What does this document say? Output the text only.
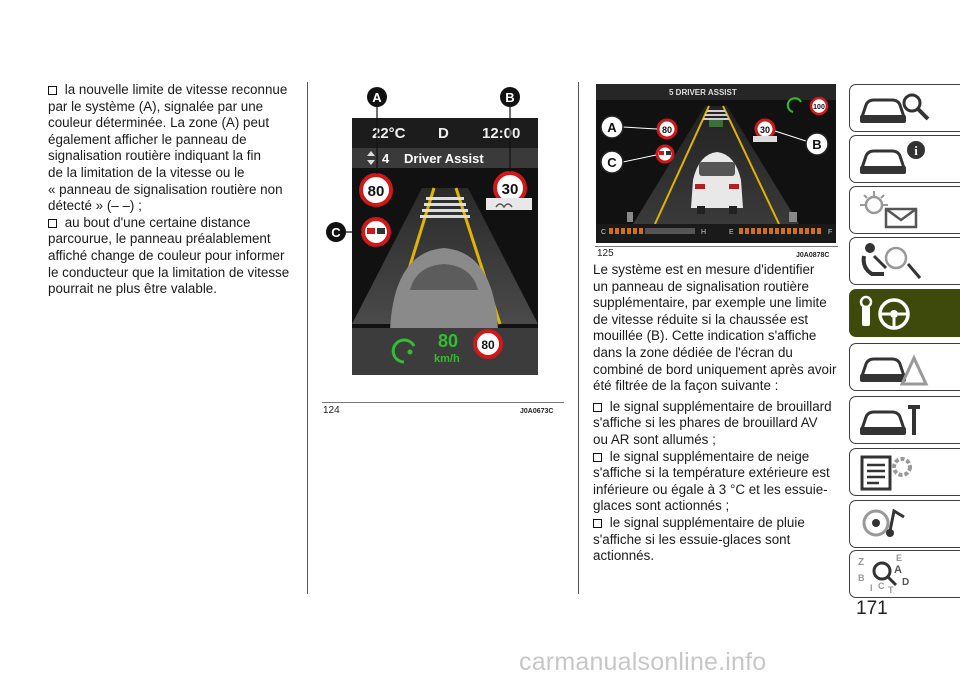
la nouvelle limite de vitesse reconnue
par le système (A), signalée par une
couleur déterminée. La zone (A) peut
également afficher le panneau de
signalisation routière indiquant la fin
de la limitation de la vitesse ou le
« panneau de signalisation routière non
détecté » (– –) ;

au bout d'une certaine distance
parcourue, le panneau préalablement
affiché change de couleur pour informer
le conducteur que la limitation de vitesse
pourrait ne plus être valable.

22°C D 12:00
4 Driver Assist
80	30
80
km/h
80
A	B
C
124	J0A0673C
5 DRIVER ASSIST
80	30
100
C	H	E	F
A
B
C
125	J0A0878C

Le système est en mesure d'identifier
un panneau de signalisation routière
supplémentaire, par exemple une limite
de vitesse réduite si la chaussée est
mouillée (B). Cette indication s'affiche
dans la zone dédiée de l'écran du
combiné de bord uniquement après avoir
été filtrée de la façon suivante :

le signal supplémentaire de brouillard
s'affiche si les phares de brouillard AV
ou AR sont allumés ;

le signal supplémentaire de neige
s'affiche si la température extérieure est
inférieure ou égale à 3 °C et les essuie-
glaces sont actionnés ;

le signal supplémentaire de pluie
s'affiche si les essuie-glaces sont
actionnés.

i
Z	E
B
A
I C T
D
171
carmanualsonline.info
